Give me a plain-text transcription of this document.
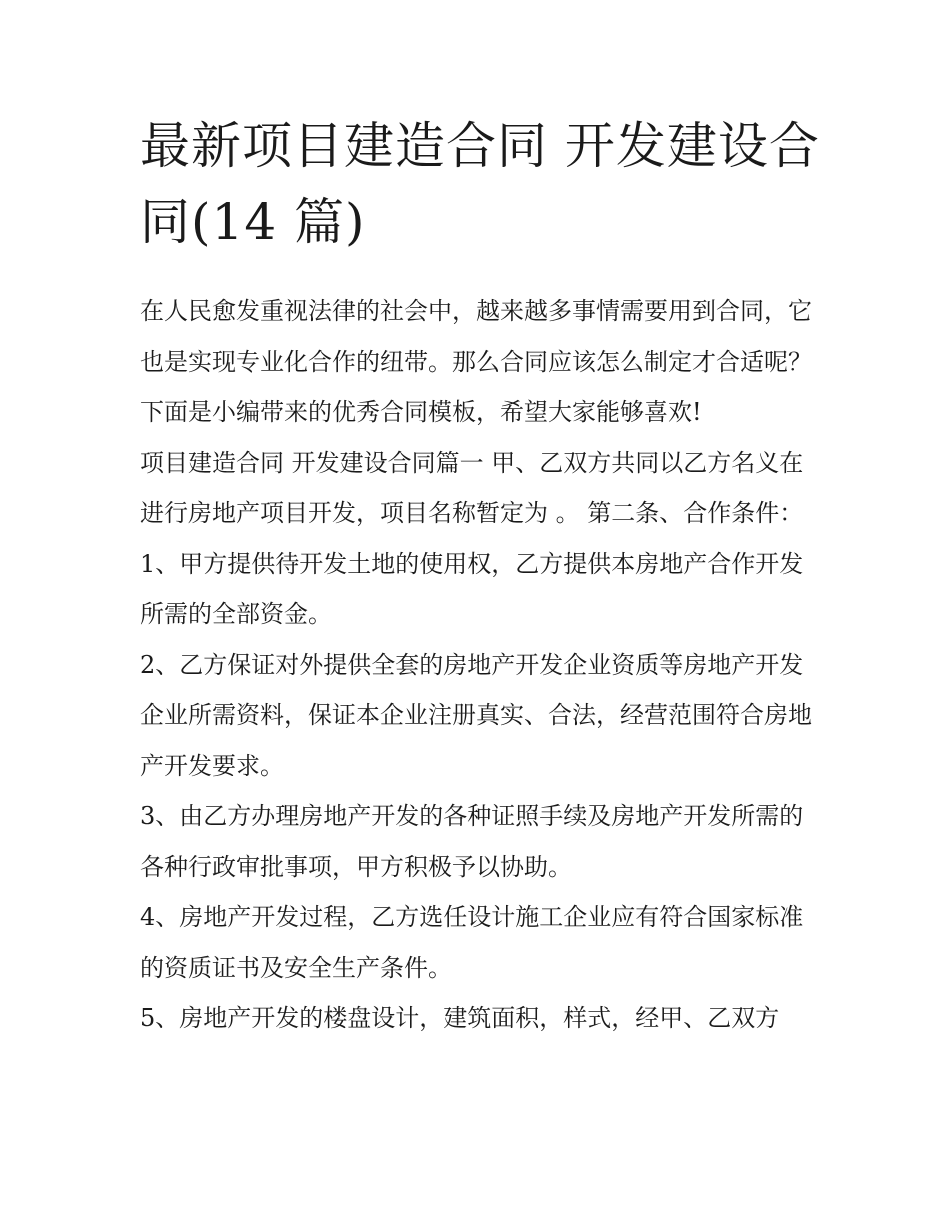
最新项目建造合同 开发建设合同(14 篇)

在人民愈发重视法律的社会中，越来越多事情需要用到合同，它也是实现专业化合作的纽带。那么合同应该怎么制定才合适呢？下面是小编带来的优秀合同模板，希望大家能够喜欢!

项目建造合同 开发建设合同篇一 甲、乙双方共同以乙方名义在 进行房地产项目开发，项目名称暂定为 。 第二条、合作条件：

1、甲方提供待开发土地的使用权，乙方提供本房地产合作开发所需的全部资金。

2、乙方保证对外提供全套的房地产开发企业资质等房地产开发企业所需资料，保证本企业注册真实、合法，经营范围符合房地产开发要求。

3、由乙方办理房地产开发的各种证照手续及房地产开发所需的各种行政审批事项，甲方积极予以协助。

4、房地产开发过程，乙方选任设计施工企业应有符合国家标准的资质证书及安全生产条件。

5、房地产开发的楼盘设计，建筑面积，样式，经甲、乙双方
